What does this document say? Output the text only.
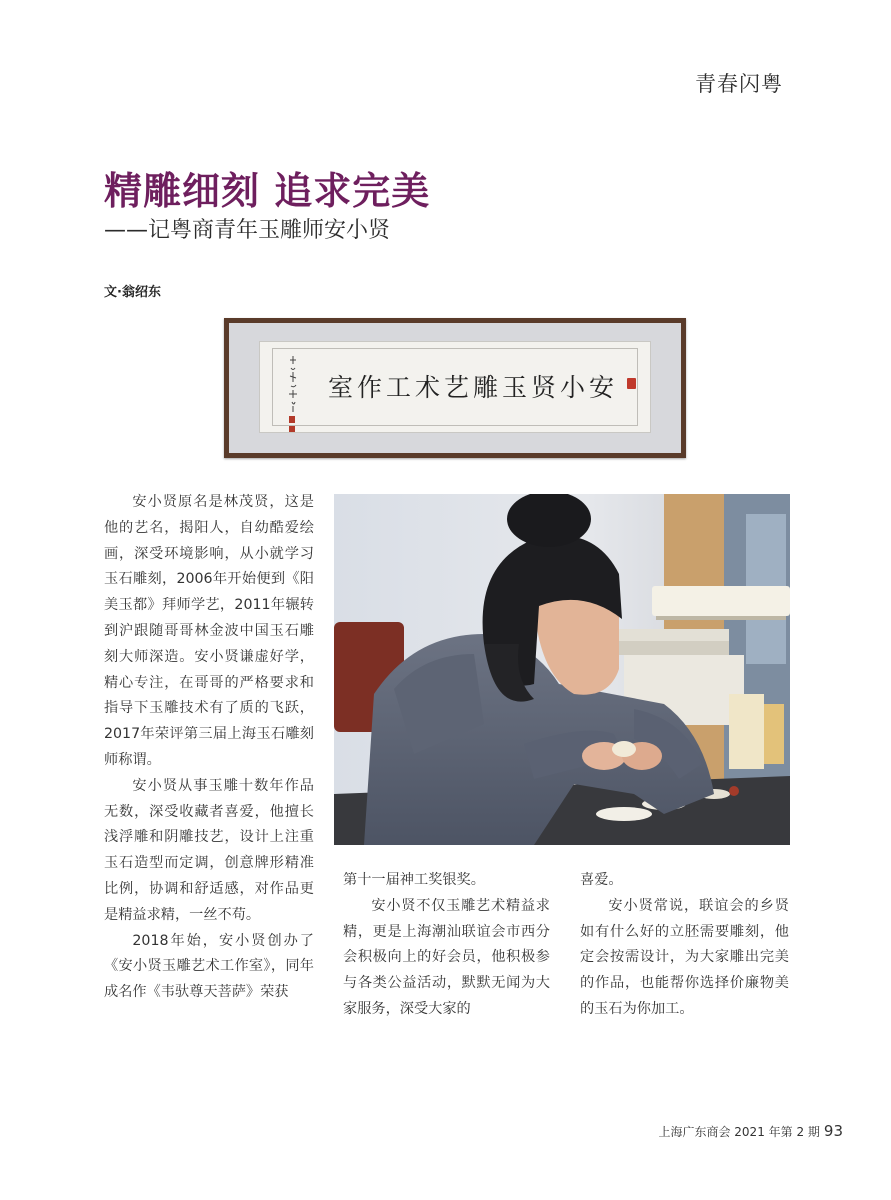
青春闪粤
精雕细刻 追求完美
——记粤商青年玉雕师安小贤
文·翁绍东
安小贤玉雕艺术工作室

安小贤原名是林茂贤，这是他的艺名，揭阳人，自幼酷爱绘画，深受环境影响，从小就学习玉石雕刻，2006年开始便到《阳美玉都》拜师学艺，2011年辗转到沪跟随哥哥林金波中国玉石雕刻大师深造。安小贤谦虚好学，精心专注，在哥哥的严格要求和指导下玉雕技术有了质的飞跃，2017年荣评第三届上海玉石雕刻师称谓。

安小贤从事玉雕十数年作品无数，深受收藏者喜爱，他擅长浅浮雕和阴雕技艺，设计上注重玉石造型而定调，创意牌形精准比例，协调和舒适感，对作品更是精益求精，一丝不苟。

2018年始，安小贤创办了《安小贤玉雕艺术工作室》，同年成名作《韦驮尊天菩萨》荣获

第十一届神工奖银奖。

安小贤不仅玉雕艺术精益求精，更是上海潮汕联谊会市西分会积极向上的好会员，他积极参与各类公益活动，默默无闻为大家服务，深受大家的

喜爱。

安小贤常说，联谊会的乡贤如有什么好的立胚需要雕刻，他定会按需设计，为大家雕出完美的作品，也能帮你选择价廉物美的玉石为你加工。

上海广东商会 2021 年第 2 期 93
